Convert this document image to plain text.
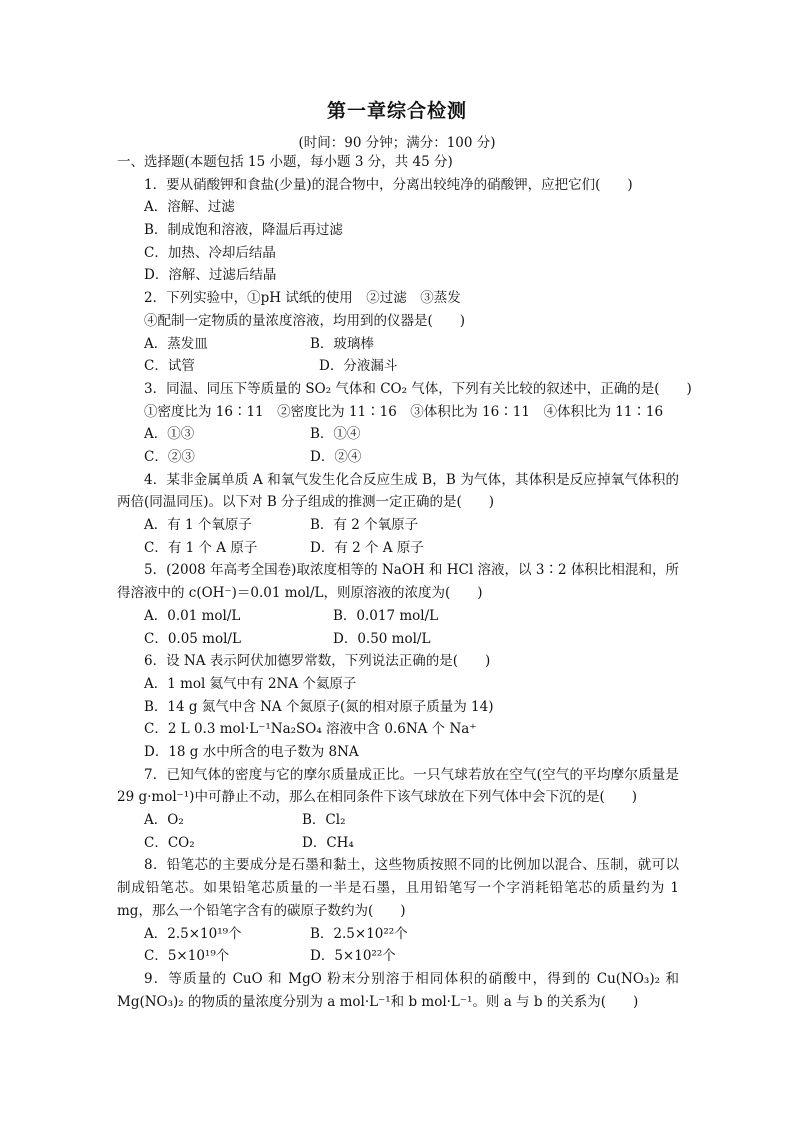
第一章综合检测
(时间：90 分钟；满分：100 分)
一、选择题(本题包括 15 小题，每小题 3 分，共 45 分)
1．要从硝酸钾和食盐(少量)的混合物中，分离出较纯净的硝酸钾，应把它们(　　)
A．溶解、过滤
B．制成饱和溶液，降温后再过滤
C．加热、冷却后结晶
D．溶解、过滤后结晶
2．下列实验中，①pH 试纸的使用　②过滤　③蒸发
④配制一定物质的量浓度溶液，均用到的仪器是(　　)
A．蒸发皿	B．玻璃棒
C．试管	D．分液漏斗
3．同温、同压下等质量的 SO₂ 气体和 CO₂ 气体，下列有关比较的叙述中，正确的是(　　)
①密度比为 16∶11　②密度比为 11∶16　③体积比为 16∶11　④体积比为 11∶16
A．①③	B．①④
C．②③	D．②④
4．某非金属单质 A 和氧气发生化合反应生成 B，B 为气体，其体积是反应掉氧气体积的两倍(同温同压)。以下对 B 分子组成的推测一定正确的是(　　)
A．有 1 个氧原子	B．有 2 个氧原子
C．有 1 个 A 原子	D．有 2 个 A 原子
5．(2008 年高考全国卷)取浓度相等的 NaOH 和 HCl 溶液，以 3∶2 体积比相混和，所得溶液中的 c(OH⁻)＝0.01 mol/L，则原溶液的浓度为(　　)
A．0.01 mol/L	B．0.017 mol/L
C．0.05 mol/L	D．0.50 mol/L
6．设 NA 表示阿伏加德罗常数，下列说法正确的是(　　)
A．1 mol 氦气中有 2NA 个氦原子
B．14 g 氮气中含 NA 个氮原子(氮的相对原子质量为 14)
C．2 L 0.3 mol·L⁻¹Na₂SO₄ 溶液中含 0.6NA 个 Na⁺
D．18 g 水中所含的电子数为 8NA
7．已知气体的密度与它的摩尔质量成正比。一只气球若放在空气(空气的平均摩尔质量是 29 g·mol⁻¹)中可静止不动，那么在相同条件下该气球放在下列气体中会下沉的是(　　)
A．O₂	B．Cl₂
C．CO₂	D．CH₄
8．铅笔芯的主要成分是石墨和黏土，这些物质按照不同的比例加以混合、压制，就可以制成铅笔芯。如果铅笔芯质量的一半是石墨，且用铅笔写一个字消耗铅笔芯的质量约为 1 mg，那么一个铅笔字含有的碳原子数约为(　　)
A．2.5×10¹⁹个	B．2.5×10²²个
C．5×10¹⁹个	D．5×10²²个
9．等质量的 CuO 和 MgO 粉末分别溶于相同体积的硝酸中，得到的 Cu(NO₃)₂ 和 Mg(NO₃)₂ 的物质的量浓度分别为 a mol·L⁻¹和 b mol·L⁻¹。则 a 与 b 的关系为(　　)
